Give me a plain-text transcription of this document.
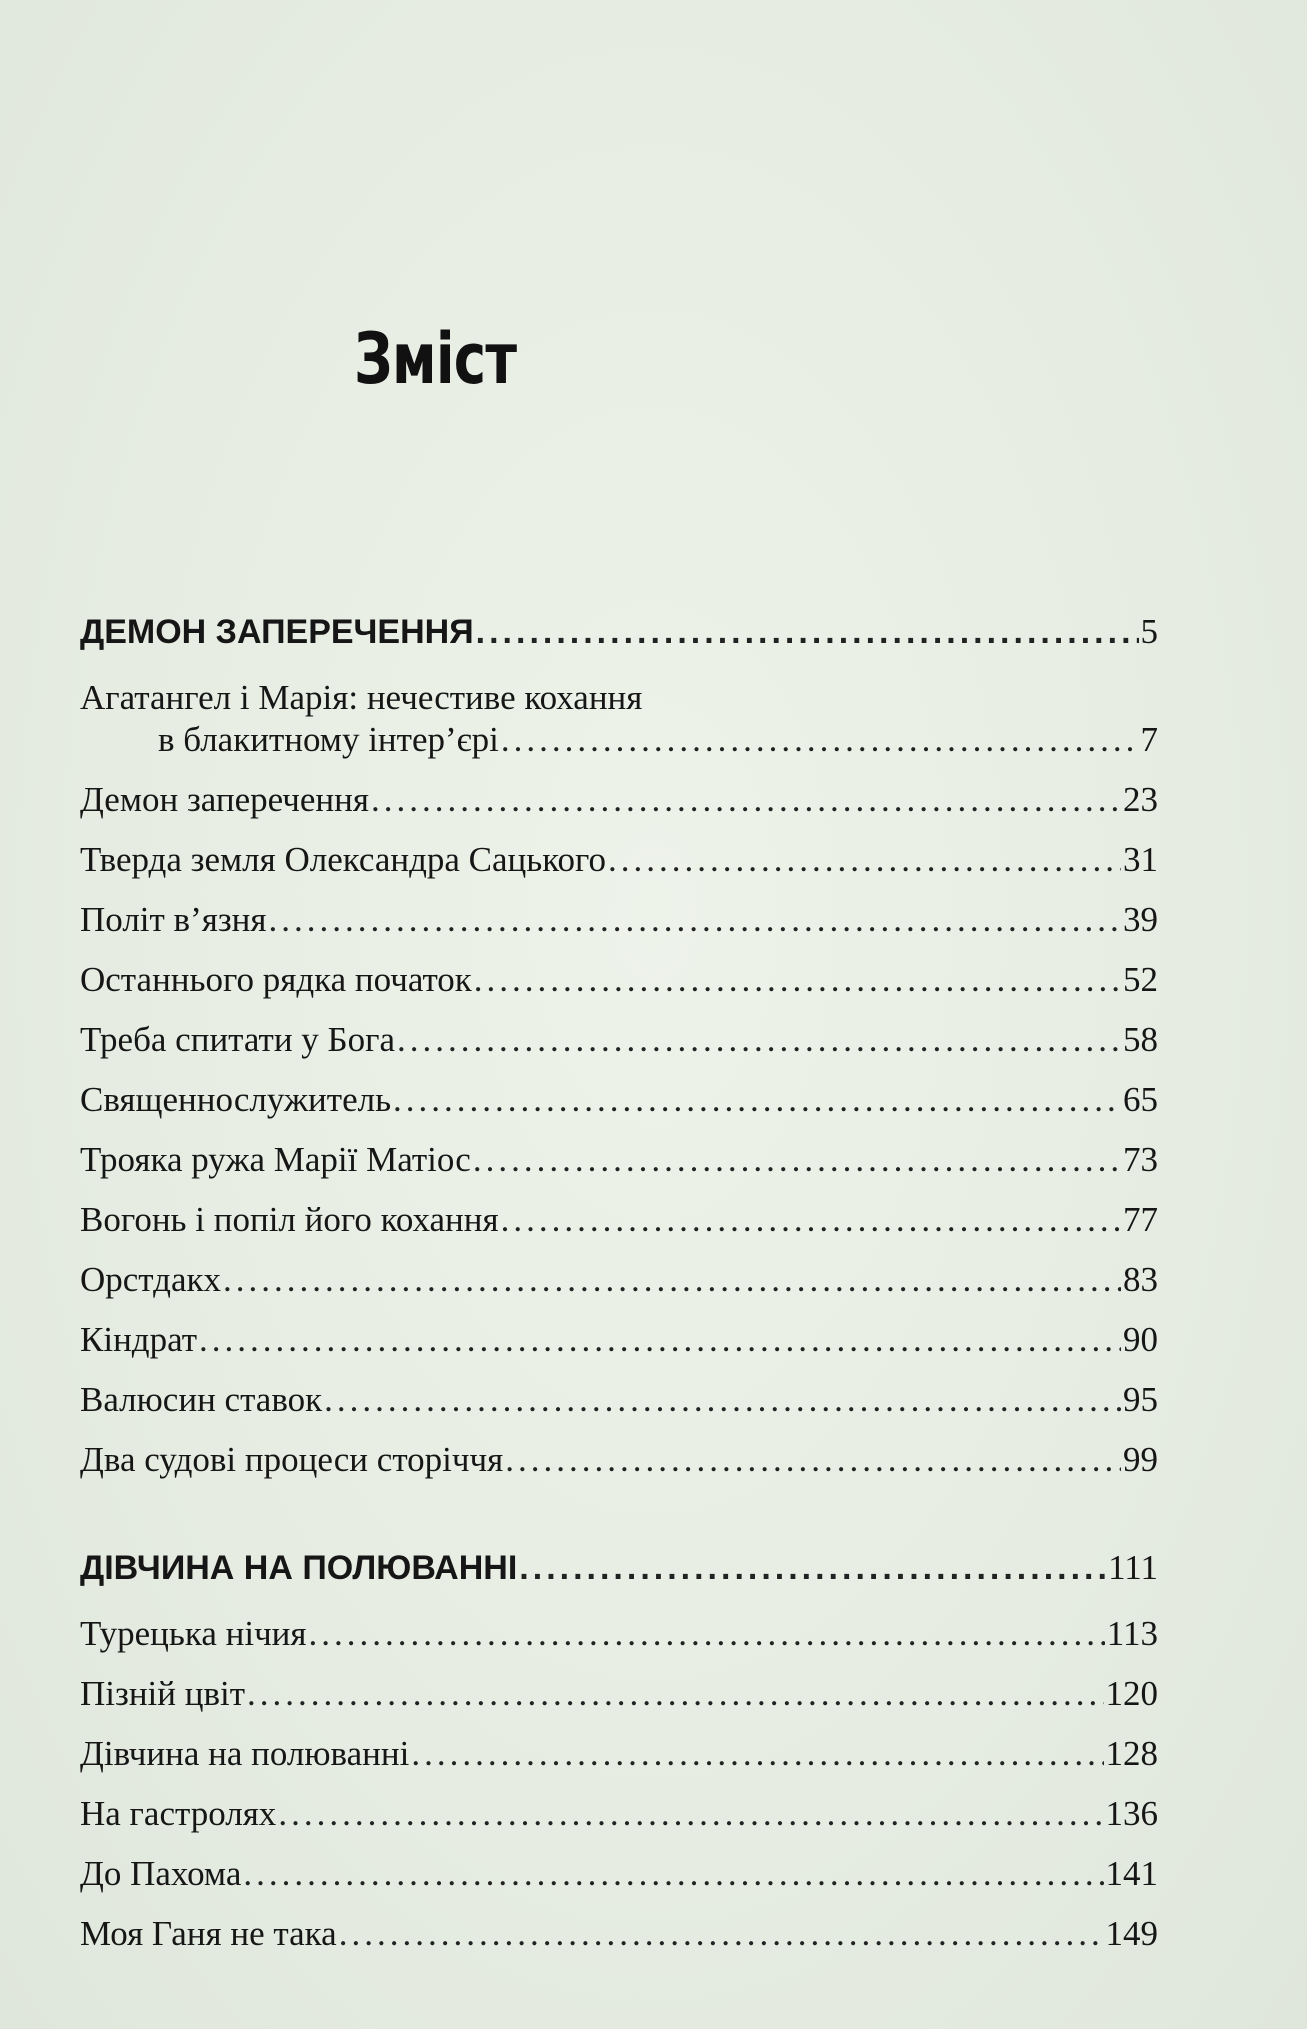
Зміст
ДЕМОН ЗАПЕРЕЧЕННЯ .....	5
Агатангел і Марія: нечестиве кохання
в блакитному інтер’єрі .....	7
Демон заперечення .....	23
Тверда земля Олександра Сацького .....	31
Політ в’язня .....	39
Останнього рядка початок .....	52
Треба спитати у Бога .....	58
Священнослужитель .....	65
Трояка ружа Марії Матіос .....	73
Вогонь і попіл його кохання .....	77
Орстдакх .....	83
Кіндрат .....	90
Валюсин ставок .....	95
Два судові процеси сторіччя .....	99
ДІВЧИНА НА ПОЛЮВАННІ .....	111
Турецька нічия .....	113
Пізній цвіт .....	120
Дівчина на полюванні .....	128
На гастролях .....	136
До Пахома .....	141
Моя Ганя не така .....	149
